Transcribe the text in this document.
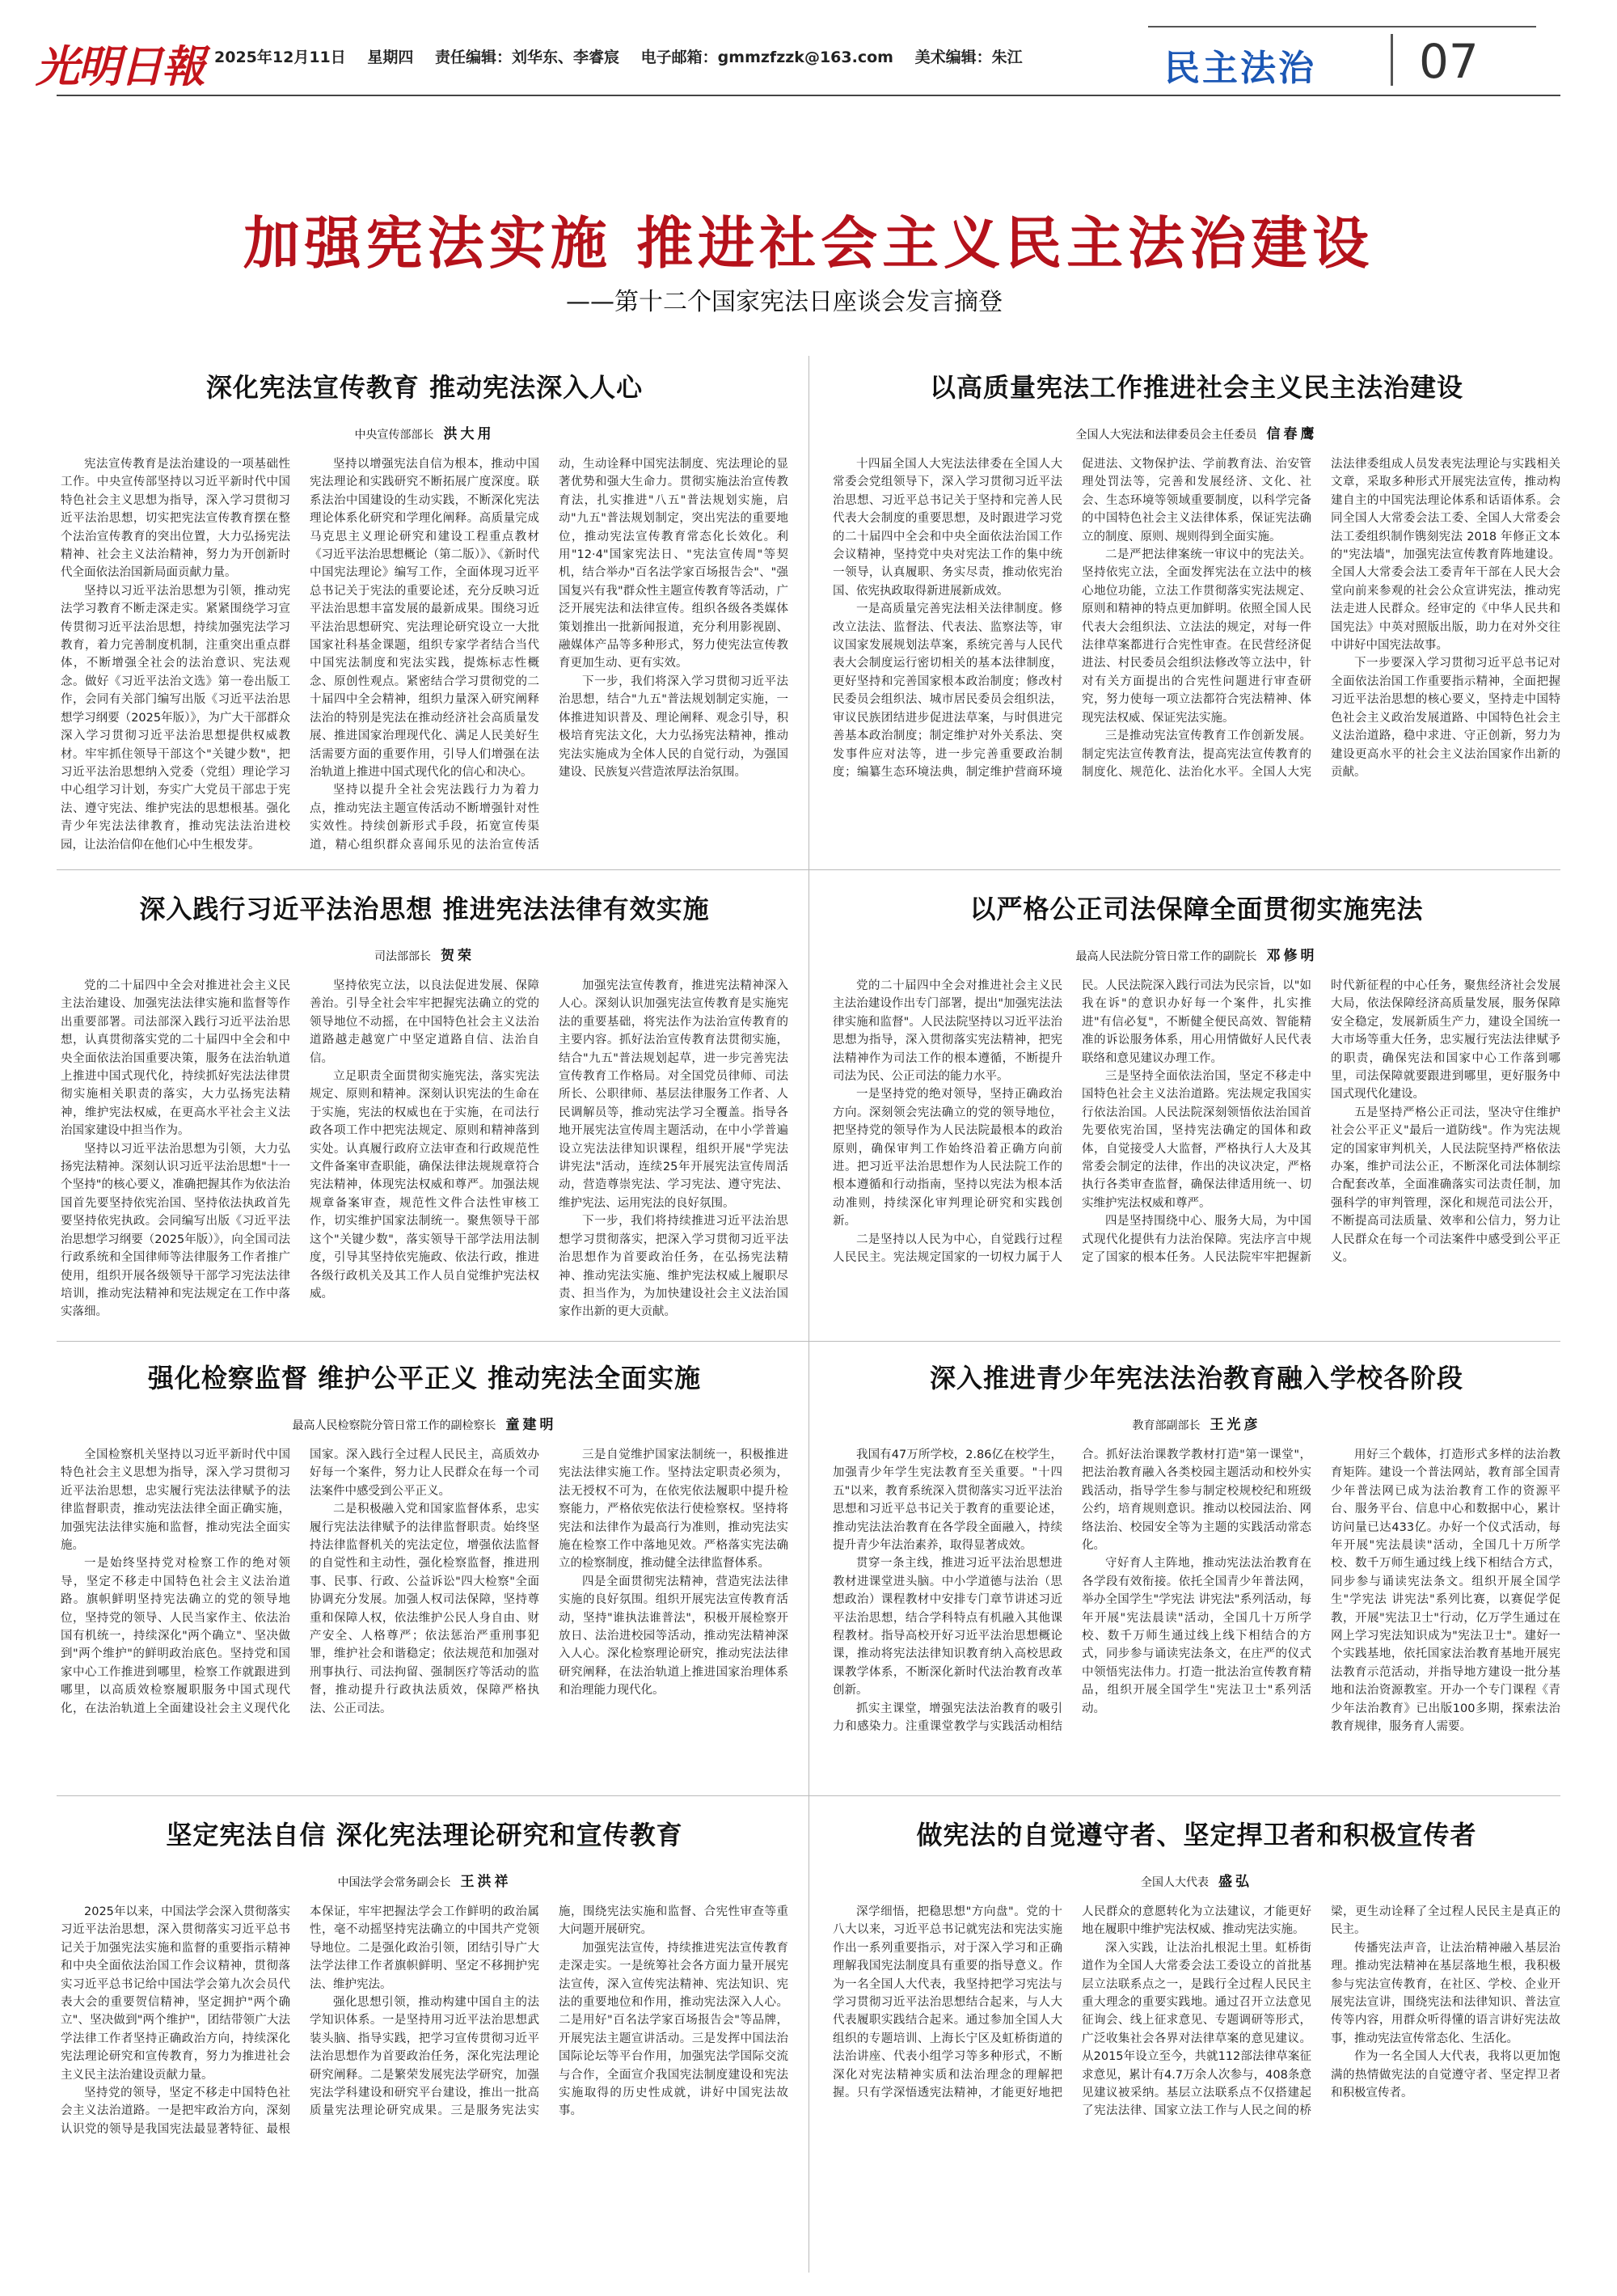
光明日報 2025年12月11日 星期四 责任编辑：刘华东、李睿宸 电子邮箱：gmmzfzzk@163.com 美术编辑：朱江	民主法治 07
加强宪法实施 推进社会主义民主法治建设
——第十二个国家宪法日座谈会发言摘登
深化宪法宣传教育 推动宪法深入人心
中央宣传部部长 洪大用

宪法宣传教育是法治建设的一项基础性工作。中央宣传部坚持以习近平新时代中国特色社会主义思想为指导，深入学习贯彻习近平法治思想，切实把宪法宣传教育摆在整个法治宣传教育的突出位置，大力弘扬宪法精神、社会主义法治精神，努力为开创新时代全面依法治国新局面贡献力量。

坚持以习近平法治思想为引领，推动宪法学习教育不断走深走实。紧紧围绕学习宣传贯彻习近平法治思想，持续加强宪法学习教育，着力完善制度机制，注重突出重点群体，不断增强全社会的法治意识、宪法观念。做好《习近平法治文选》第一卷出版工作，会同有关部门编写出版《习近平法治思想学习纲要（2025年版）》，为广大干部群众深入学习贯彻习近平法治思想提供权威教材。牢牢抓住领导干部这个"关键少数"，把习近平法治思想纳入党委（党组）理论学习中心组学习计划，夯实广大党员干部忠于宪法、遵守宪法、维护宪法的思想根基。强化青少年宪法法律教育，推动宪法法治进校园，让法治信仰在他们心中生根发芽。

坚持以增强宪法自信为根本，推动中国宪法理论和实践研究不断拓展广度深度。联系法治中国建设的生动实践，不断深化宪法理论体系化研究和学理化阐释。高质量完成马克思主义理论研究和建设工程重点教材《习近平法治思想概论（第二版）》、《新时代中国宪法理论》编写工作，全面体现习近平总书记关于宪法的重要论述，充分反映习近平法治思想丰富发展的最新成果。围绕习近平法治思想研究、宪法理论研究设立一大批国家社科基金课题，组织专家学者结合当代中国宪法制度和宪法实践，提炼标志性概念、原创性观点。紧密结合学习贯彻党的二十届四中全会精神，组织力量深入研究阐释法治的特别是宪法在推动经济社会高质量发展、推进国家治理现代化、满足人民美好生活需要方面的重要作用，引导人们增强在法治轨道上推进中国式现代化的信心和决心。

坚持以提升全社会宪法践行力为着力点，推动宪法主题宣传活动不断增强针对性实效性。持续创新形式手段，拓宽宣传渠道，精心组织群众喜闻乐见的法治宣传活动，生动诠释中国宪法制度、宪法理论的显著优势和强大生命力。贯彻实施法治宣传教育法，扎实推进"八五"普法规划实施，启动"九五"普法规划制定，突出宪法的重要地位，推动宪法宣传教育常态化长效化。利用"12·4"国家宪法日、"宪法宣传周"等契机，结合举办"百名法学家百场报告会"、"强国复兴有我"群众性主题宣传教育等活动，广泛开展宪法和法律宣传。组织各级各类媒体策划推出一批新闻报道，充分利用影视剧、融媒体产品等多种形式，努力使宪法宣传教育更加生动、更有实效。

下一步，我们将深入学习贯彻习近平法治思想，结合"九五"普法规划制定实施，一体推进知识普及、理论阐释、观念引导，积极培育宪法文化，大力弘扬宪法精神，推动宪法实施成为全体人民的自觉行动，为强国建设、民族复兴营造浓厚法治氛围。

以高质量宪法工作推进社会主义民主法治建设
全国人大宪法和法律委员会主任委员 信春鹰

十四届全国人大宪法法律委在全国人大常委会党组领导下，深入学习贯彻习近平法治思想、习近平总书记关于坚持和完善人民代表大会制度的重要思想，及时跟进学习党的二十届四中全会和中央全面依法治国工作会议精神，坚持党中央对宪法工作的集中统一领导，认真履职、务实尽责，推动依宪治国、依宪执政取得新进展新成效。

一是高质量完善宪法相关法律制度。修改立法法、监督法、代表法、监察法等，审议国家发展规划法草案，系统完善与人民代表大会制度运行密切相关的基本法律制度，更好坚持和完善国家根本政治制度；修改村民委员会组织法、城市居民委员会组织法，审议民族团结进步促进法草案，与时俱进完善基本政治制度；制定维护对外关系法、突发事件应对法等，进一步完善重要政治制度；编纂生态环境法典，制定维护营商环境促进法、文物保护法、学前教育法、治安管理处罚法等，完善和发展经济、文化、社会、生态环境等领域重要制度，以科学完备的中国特色社会主义法律体系，保证宪法确立的制度、原则、规则得到全面实施。

二是严把法律案统一审议中的宪法关。坚持依宪立法，全面发挥宪法在立法中的核心地位功能，立法工作贯彻落实宪法规定、原则和精神的特点更加鲜明。依照全国人民代表大会组织法、立法法的规定，对每一件法律草案都进行合宪性审查。在民营经济促进法、村民委员会组织法修改等立法中，针对有关方面提出的合宪性问题进行审查研究，努力使每一项立法都符合宪法精神、体现宪法权威、保证宪法实施。

三是推动宪法宣传教育工作创新发展。制定宪法宣传教育法，提高宪法宣传教育的制度化、规范化、法治化水平。全国人大宪法法律委组成人员发表宪法理论与实践相关文章，采取多种形式开展宪法宣传，推动构建自主的中国宪法理论体系和话语体系。会同全国人大常委会法工委、全国人大常委会法工委组织制作镌刻宪法 2018 年修正文本的"宪法墙"，加强宪法宣传教育阵地建设。全国人大常委会法工委青年干部在人民大会堂向前来参观的社会公众宣讲宪法，推动宪法走进人民群众。经审定的《中华人民共和国宪法》中英对照版出版，助力在对外交往中讲好中国宪法故事。

下一步要深入学习贯彻习近平总书记对全面依法治国工作重要指示精神，全面把握习近平法治思想的核心要义，坚持走中国特色社会主义政治发展道路、中国特色社会主义法治道路，稳中求进、守正创新，努力为建设更高水平的社会主义法治国家作出新的贡献。

深入践行习近平法治思想 推进宪法法律有效实施
司法部部长 贺荣

党的二十届四中全会对推进社会主义民主法治建设、加强宪法法律实施和监督等作出重要部署。司法部深入践行习近平法治思想，认真贯彻落实党的二十届四中全会和中央全面依法治国重要决策，服务在法治轨道上推进中国式现代化，持续抓好宪法法律贯彻实施相关职责的落实，大力弘扬宪法精神，维护宪法权威，在更高水平社会主义法治国家建设中担当作为。

坚持以习近平法治思想为引领，大力弘扬宪法精神。深刻认识习近平法治思想"十一个坚持"的核心要义，准确把握其作为依法治国首先要坚持依宪治国、坚持依法执政首先要坚持依宪执政。会同编写出版《习近平法治思想学习纲要（2025年版）》，向全国司法行政系统和全国律师等法律服务工作者推广使用，组织开展各级领导干部学习宪法法律培训，推动宪法精神和宪法规定在工作中落实落细。

坚持依宪立法，以良法促进发展、保障善治。引导全社会牢牢把握宪法确立的党的领导地位不动摇，在中国特色社会主义法治道路越走越宽广中坚定道路自信、法治自信。

立足职责全面贯彻实施宪法，落实宪法规定、原则和精神。深刻认识宪法的生命在于实施，宪法的权威也在于实施，在司法行政各项工作中把宪法规定、原则和精神落到实处。认真履行政府立法审查和行政规范性文件备案审查职能，确保法律法规规章符合宪法精神，体现宪法权威和尊严。加强法规规章备案审查，规范性文件合法性审核工作，切实维护国家法制统一。聚焦领导干部这个"关键少数"，落实领导干部学法用法制度，引导其坚持依宪施政、依法行政，推进各级行政机关及其工作人员自觉维护宪法权威。

加强宪法宣传教育，推进宪法精神深入人心。深刻认识加强宪法宣传教育是实施宪法的重要基础，将宪法作为法治宣传教育的主要内容。抓好法治宣传教育法贯彻实施，结合"九五"普法规划起草，进一步完善宪法宣传教育工作格局。对全国党员律师、司法所长、公职律师、基层法律服务工作者、人民调解员等，推动宪法学习全覆盖。指导各地开展宪法宣传周主题活动，在中小学普遍设立宪法法律知识课程，组织开展"学宪法 讲宪法"活动，连续25年开展宪法宣传周活动，营造尊崇宪法、学习宪法、遵守宪法、维护宪法、运用宪法的良好氛围。

下一步，我们将持续推进习近平法治思想学习贯彻落实，把深入学习贯彻习近平法治思想作为首要政治任务，在弘扬宪法精神、推动宪法实施、维护宪法权威上履职尽责、担当作为，为加快建设社会主义法治国家作出新的更大贡献。

以严格公正司法保障全面贯彻实施宪法
最高人民法院分管日常工作的副院长 邓修明

党的二十届四中全会对推进社会主义民主法治建设作出专门部署，提出"加强宪法法律实施和监督"。人民法院坚持以习近平法治思想为指导，深入贯彻落实宪法精神，把宪法精神作为司法工作的根本遵循，不断提升司法为民、公正司法的能力水平。

一是坚持党的绝对领导，坚持正确政治方向。深刻领会宪法确立的党的领导地位，把坚持党的领导作为人民法院最根本的政治原则，确保审判工作始终沿着正确方向前进。把习近平法治思想作为人民法院工作的根本遵循和行动指南，坚持以宪法为根本活动准则，持续深化审判理论研究和实践创新。

二是坚持以人民为中心，自觉践行过程人民民主。宪法规定国家的一切权力属于人民。人民法院深入践行司法为民宗旨，以"如我在诉"的意识办好每一个案件，扎实推进"有信必复"，不断健全便民高效、智能精准的诉讼服务体系，用心用情做好人民代表联络和意见建议办理工作。

三是坚持全面依法治国，坚定不移走中国特色社会主义法治道路。宪法规定我国实行依法治国。人民法院深刻领悟依法治国首先要依宪治国，坚持宪法确定的国体和政体，自觉接受人大监督，严格执行人大及其常委会制定的法律，作出的决议决定，严格执行各类审查监督，确保法律适用统一、切实维护宪法权威和尊严。

四是坚持围绕中心、服务大局，为中国式现代化提供有力法治保障。宪法序言中规定了国家的根本任务。人民法院牢牢把握新时代新征程的中心任务，聚焦经济社会发展大局，依法保障经济高质量发展，服务保障安全稳定，发展新质生产力，建设全国统一大市场等重大任务，忠实履行宪法法律赋予的职责，确保宪法和国家中心工作落到哪里，司法保障就要跟进到哪里，更好服务中国式现代化建设。

五是坚持严格公正司法，坚决守住维护社会公平正义"最后一道防线"。作为宪法规定的国家审判机关，人民法院坚持严格依法办案，维护司法公正，不断深化司法体制综合配套改革，全面准确落实司法责任制，加强科学的审判管理，深化和规范司法公开，不断提高司法质量、效率和公信力，努力让人民群众在每一个司法案件中感受到公平正义。

强化检察监督 维护公平正义 推动宪法全面实施
最高人民检察院分管日常工作的副检察长 童建明

全国检察机关坚持以习近平新时代中国特色社会主义思想为指导，深入学习贯彻习近平法治思想，忠实履行宪法法律赋予的法律监督职责，推动宪法法律全面正确实施，加强宪法法律实施和监督，推动宪法全面实施。

一是始终坚持党对检察工作的绝对领导，坚定不移走中国特色社会主义法治道路。旗帜鲜明坚持宪法确立的党的领导地位，坚持党的领导、人民当家作主、依法治国有机统一，持续深化"两个确立"、坚决做到"两个维护"的鲜明政治底色。坚持党和国家中心工作推进到哪里，检察工作就跟进到哪里，以高质效检察履职服务中国式现代化，在法治轨道上全面建设社会主义现代化国家。深入践行全过程人民民主，高质效办好每一个案件，努力让人民群众在每一个司法案件中感受到公平正义。

二是积极融入党和国家监督体系，忠实履行宪法法律赋予的法律监督职责。始终坚持法律监督机关的宪法定位，增强依法监督的自觉性和主动性，强化检察监督，推进刑事、民事、行政、公益诉讼"四大检察"全面协调充分发展。加强人权司法保障，坚持尊重和保障人权，依法维护公民人身自由、财产安全、人格尊严；依法惩治严重刑事犯罪，维护社会和谐稳定；依法规范和加强对刑事执行、司法拘留、强制医疗等活动的监督，推动提升行政执法质效，保障严格执法、公正司法。

三是自觉维护国家法制统一，积极推进宪法法律实施工作。坚持法定职责必须为，法无授权不可为，在依宪依法履职中提升检察能力，严格依宪依法行使检察权。坚持将宪法和法律作为最高行为准则，推动宪法实施在检察工作中落地见效。严格落实宪法确立的检察制度，推动健全法律监督体系。

四是全面贯彻宪法精神，营造宪法法律实施的良好氛围。组织开展宪法宣传教育活动，坚持"谁执法谁普法"，积极开展检察开放日、法治进校园等活动，推动宪法精神深入人心。深化检察理论研究，推动宪法法律研究阐释，在法治轨道上推进国家治理体系和治理能力现代化。

深入推进青少年宪法法治教育融入学校各阶段
教育部副部长 王光彦

我国有47万所学校，2.86亿在校学生，加强青少年学生宪法教育至关重要。"十四五"以来，教育系统深入贯彻落实习近平法治思想和习近平总书记关于教育的重要论述，推动宪法法治教育在各学段全面融入，持续提升青少年法治素养，取得显著成效。

贯穿一条主线，推进习近平法治思想进教材进课堂进头脑。中小学道德与法治（思想政治）课程教材中安排专门章节讲述习近平法治思想，结合学科特点有机融入其他课程教材。指导高校开好习近平法治思想概论课，推动将宪法法律知识教育纳入高校思政课教学体系，不断深化新时代法治教育改革创新。

抓实主课堂，增强宪法法治教育的吸引力和感染力。注重课堂教学与实践活动相结合。抓好法治课教学教材打造"第一课堂"，把法治教育融入各类校园主题活动和校外实践活动，指导学生参与制定校规校纪和班级公约，培育规则意识。推动以校园法治、网络法治、校园安全等为主题的实践活动常态化。

守好育人主阵地，推动宪法法治教育在各学段有效衔接。依托全国青少年普法网，举办全国学生"学宪法 讲宪法"系列活动，每年开展"宪法晨读"活动，全国几十万所学校、数千万师生通过线上线下相结合的方式，同步参与诵读宪法条文，在庄严的仪式中领悟宪法伟力。打造一批法治宣传教育精品，组织开展全国学生"宪法卫士"系列活动。

用好三个载体，打造形式多样的法治教育矩阵。建设一个普法网站，教育部全国青少年普法网已成为法治教育工作的资源平台、服务平台、信息中心和数据中心，累计访问量已达433亿。办好一个仪式活动，每年开展"宪法晨读"活动，全国几十万所学校、数千万师生通过线上线下相结合方式，同步参与诵读宪法条文。组织开展全国学生"学宪法 讲宪法"系列比赛，以赛促学促教，开展"宪法卫士"行动，亿万学生通过在网上学习宪法知识成为"宪法卫士"。建好一个实践基地，依托国家法治教育基地开展宪法教育示范活动，并指导地方建设一批分基地和法治资源教室。开办一个专门课程《青少年法治教育》已出版100多期，探索法治教育规律，服务育人需要。

坚定宪法自信 深化宪法理论研究和宣传教育
中国法学会常务副会长 王洪祥

2025年以来，中国法学会深入贯彻落实习近平法治思想，深入贯彻落实习近平总书记关于加强宪法实施和监督的重要指示精神和中央全面依法治国工作会议精神，贯彻落实习近平总书记给中国法学会第九次会员代表大会的重要贺信精神，坚定拥护"两个确立"、坚决做到"两个维护"，团结带领广大法学法律工作者坚持正确政治方向，持续深化宪法理论研究和宣传教育，努力为推进社会主义民主法治建设贡献力量。

坚持党的领导，坚定不移走中国特色社会主义法治道路。一是把牢政治方向，深刻认识党的领导是我国宪法最显著特征、最根本保证，牢牢把握法学会工作鲜明的政治属性，毫不动摇坚持宪法确立的中国共产党领导地位。二是强化政治引领，团结引导广大法学法律工作者旗帜鲜明、坚定不移拥护宪法、维护宪法。

强化思想引领，推动构建中国自主的法学知识体系。一是坚持用习近平法治思想武装头脑、指导实践，把学习宣传贯彻习近平法治思想作为首要政治任务，深化宪法理论研究阐释。二是繁荣发展宪法学研究，加强宪法学科建设和研究平台建设，推出一批高质量宪法理论研究成果。三是服务宪法实施，围绕宪法实施和监督、合宪性审查等重大问题开展研究。

加强宪法宣传，持续推进宪法宣传教育走深走实。一是统筹社会各方面力量开展宪法宣传，深入宣传宪法精神、宪法知识、宪法的重要地位和作用，推动宪法深入人心。二是用好"百名法学家百场报告会"等品牌，开展宪法主题宣讲活动。三是发挥中国法治国际论坛等平台作用，加强宪法学国际交流与合作，全面宣介我国宪法制度建设和宪法实施取得的历史性成就，讲好中国宪法故事。

做宪法的自觉遵守者、坚定捍卫者和积极宣传者
全国人大代表 盛弘

深学细悟，把稳思想"方向盘"。党的十八大以来，习近平总书记就宪法和宪法实施作出一系列重要指示，对于深入学习和正确理解我国宪法制度具有重要的指导意义。作为一名全国人大代表，我坚持把学习宪法与学习贯彻习近平法治思想结合起来，与人大代表履职实践结合起来。通过参加全国人大组织的专题培训、上海长宁区及虹桥街道的法治讲座、代表小组学习等多种形式，不断深化对宪法精神实质和法治理念的理解把握。只有学深悟透宪法精神，才能更好地把人民群众的意愿转化为立法建议，才能更好地在履职中维护宪法权威、推动宪法实施。

深入实践，让法治扎根泥土里。虹桥街道作为全国人大常委会法工委设立的首批基层立法联系点之一，是践行全过程人民民主重大理念的重要实践地。通过召开立法意见征询会、线上征求意见、专题调研等形式，广泛收集社会各界对法律草案的意见建议。从2015年设立至今，共就112部法律草案征求意见，累计有4.7万余人次参与，408条意见建议被采纳。基层立法联系点不仅搭建起了宪法法律、国家立法工作与人民之间的桥梁，更生动诠释了全过程人民民主是真正的民主。

传播宪法声音，让法治精神融入基层治理。推动宪法精神在基层落地生根，我积极参与宪法宣传教育，在社区、学校、企业开展宪法宣讲，围绕宪法和法律知识、普法宣传等内容，用群众听得懂的语言讲好宪法故事，推动宪法宣传常态化、生活化。

作为一名全国人大代表，我将以更加饱满的热情做宪法的自觉遵守者、坚定捍卫者和积极宣传者。
